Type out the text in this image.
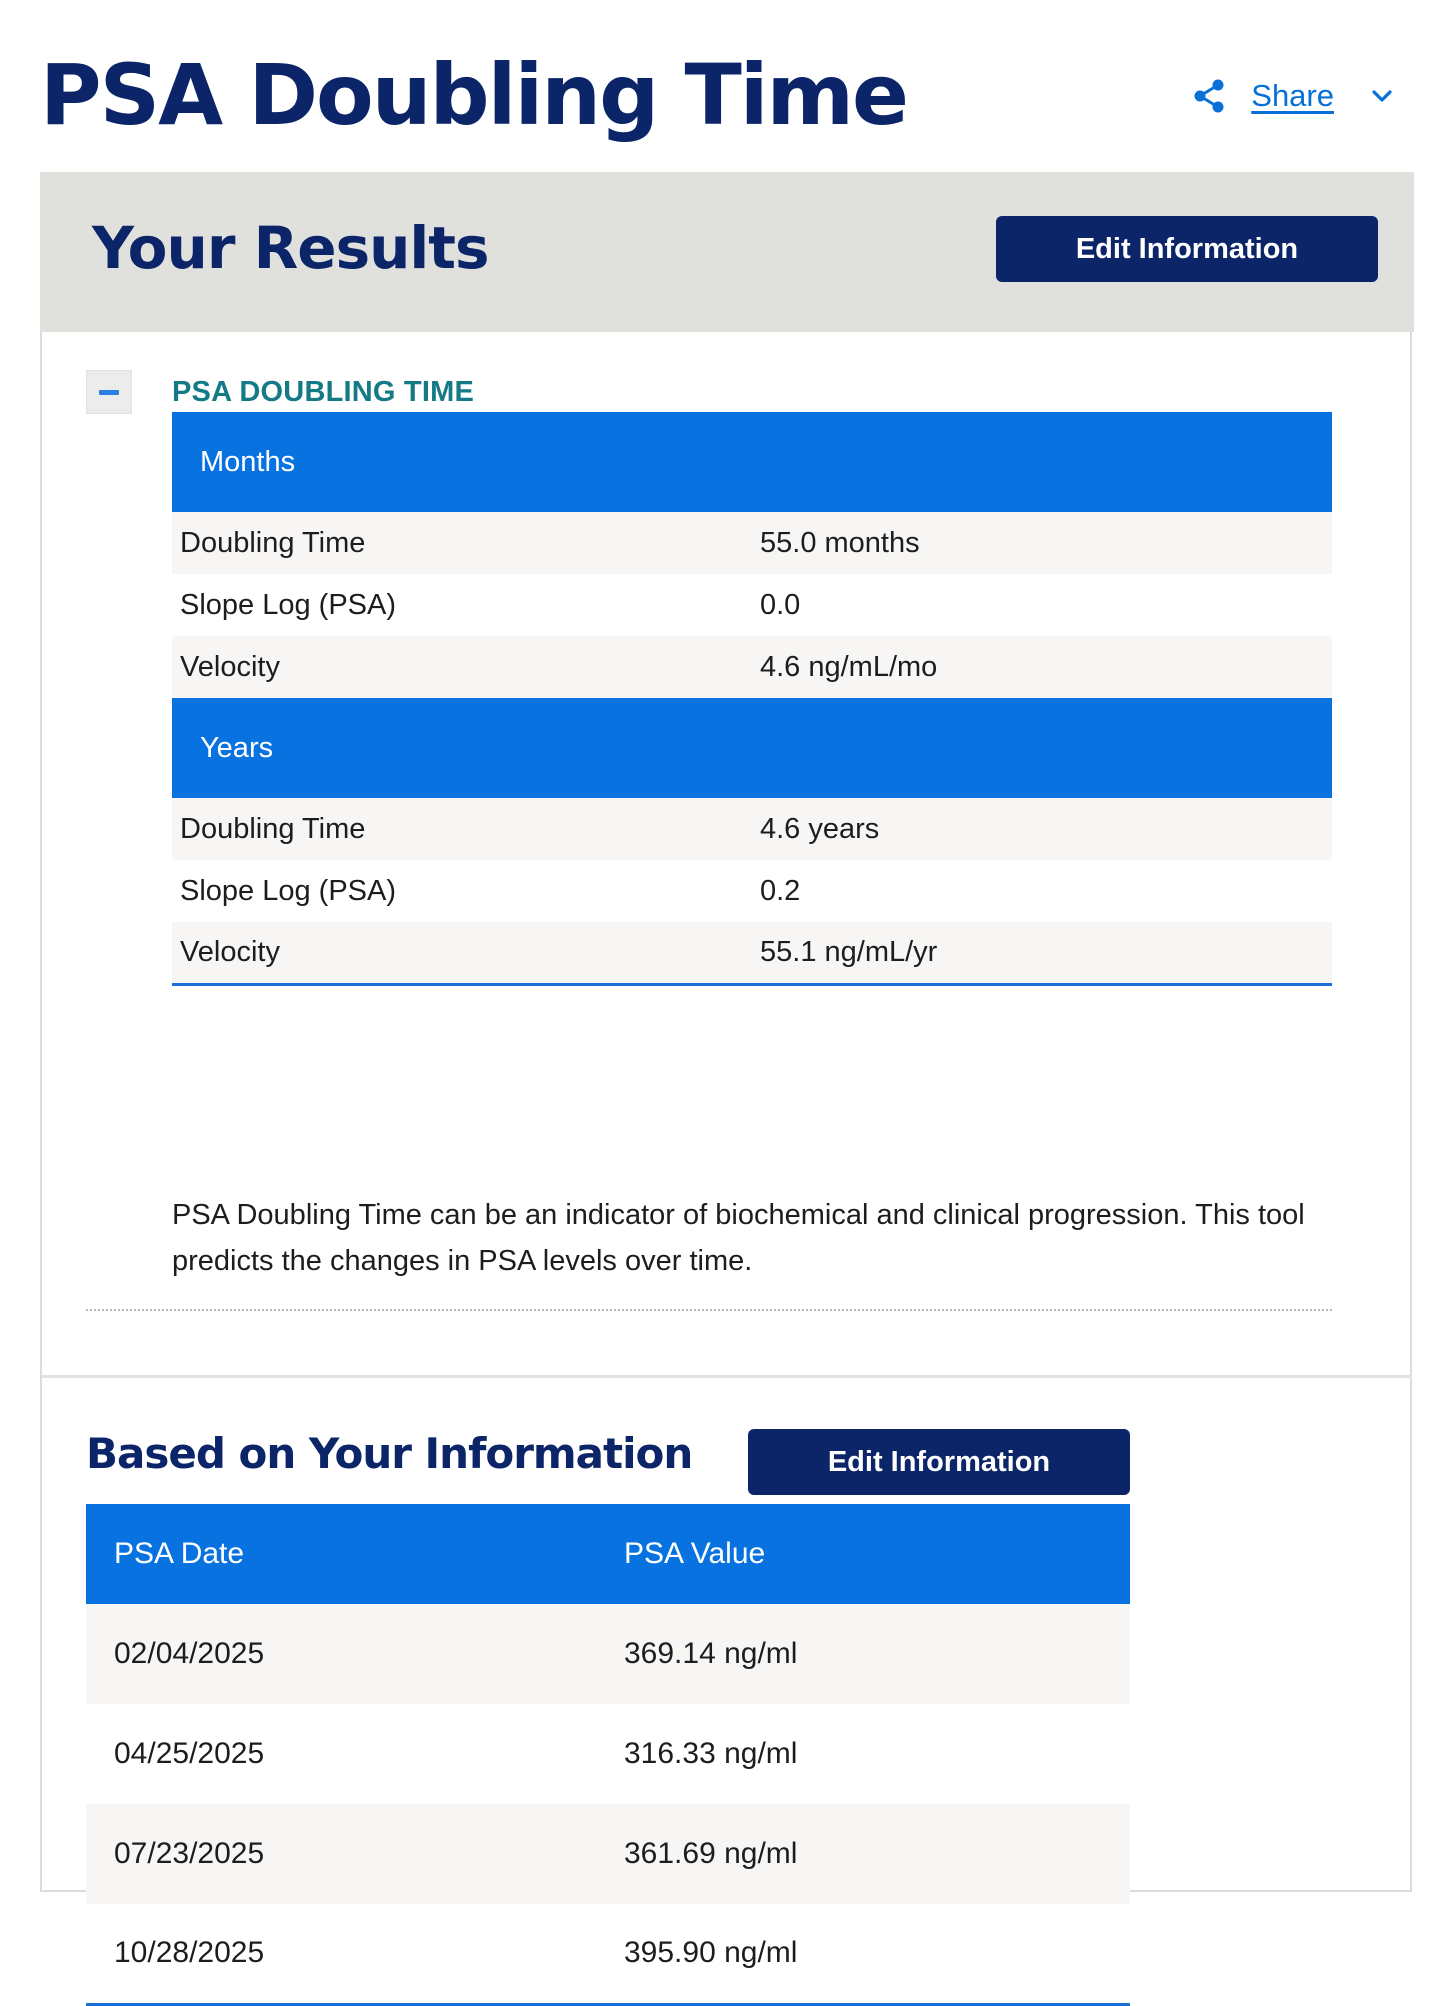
PSA Doubling Time	Share
Your Results	Edit Information
PSA DOUBLING TIME
Months	
Doubling Time	55.0 months
Slope Log (PSA)	0.0
Velocity	4.6 ng/mL/mo
Years	
Doubling Time	4.6 years
Slope Log (PSA)	0.2
Velocity	55.1 ng/mL/yr

PSA Doubling Time can be an indicator of biochemical and clinical progression. This tool predicts the changes in PSA levels over time.

Based on Your Information	Edit Information
PSA Date	PSA Value
02/04/2025	369.14 ng/ml
04/25/2025	316.33 ng/ml
07/23/2025	361.69 ng/ml
10/28/2025	395.90 ng/ml
